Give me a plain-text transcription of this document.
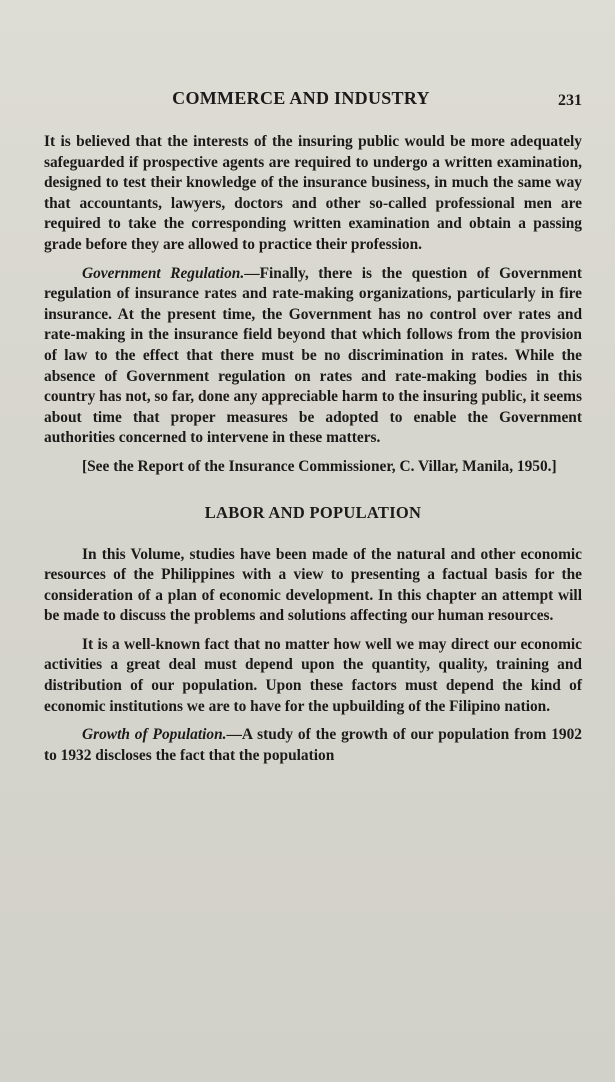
COMMERCE AND INDUSTRY	231

It is believed that the interests of the insuring public would be more adequately safeguarded if prospective agents are required to undergo a written examination, designed to test their knowledge of the insurance business, in much the same way that accountants, lawyers, doctors and other so-called professional men are required to take the corresponding written examination and obtain a passing grade before they are allowed to practice their profession.

Government Regulation.—Finally, there is the question of Government regulation of insurance rates and rate-making organizations, particularly in fire insurance. At the present time, the Government has no control over rates and rate-making in the insurance field beyond that which follows from the provision of law to the effect that there must be no discrimination in rates. While the absence of Government regulation on rates and rate-making bodies in this country has not, so far, done any appreciable harm to the insuring public, it seems about time that proper measures be adopted to enable the Government authorities concerned to intervene in these matters.

[See the Report of the Insurance Commissioner, C. Villar, Manila, 1950.]

LABOR AND POPULATION

In this Volume, studies have been made of the natural and other economic resources of the Philippines with a view to presenting a factual basis for the consideration of a plan of economic development. In this chapter an attempt will be made to discuss the problems and solutions affecting our human resources.

It is a well-known fact that no matter how well we may direct our economic activities a great deal must depend upon the quantity, quality, training and distribution of our population. Upon these factors must depend the kind of economic institutions we are to have for the upbuilding of the Filipino nation.

Growth of Population.—A study of the growth of our population from 1902 to 1932 discloses the fact that the population
